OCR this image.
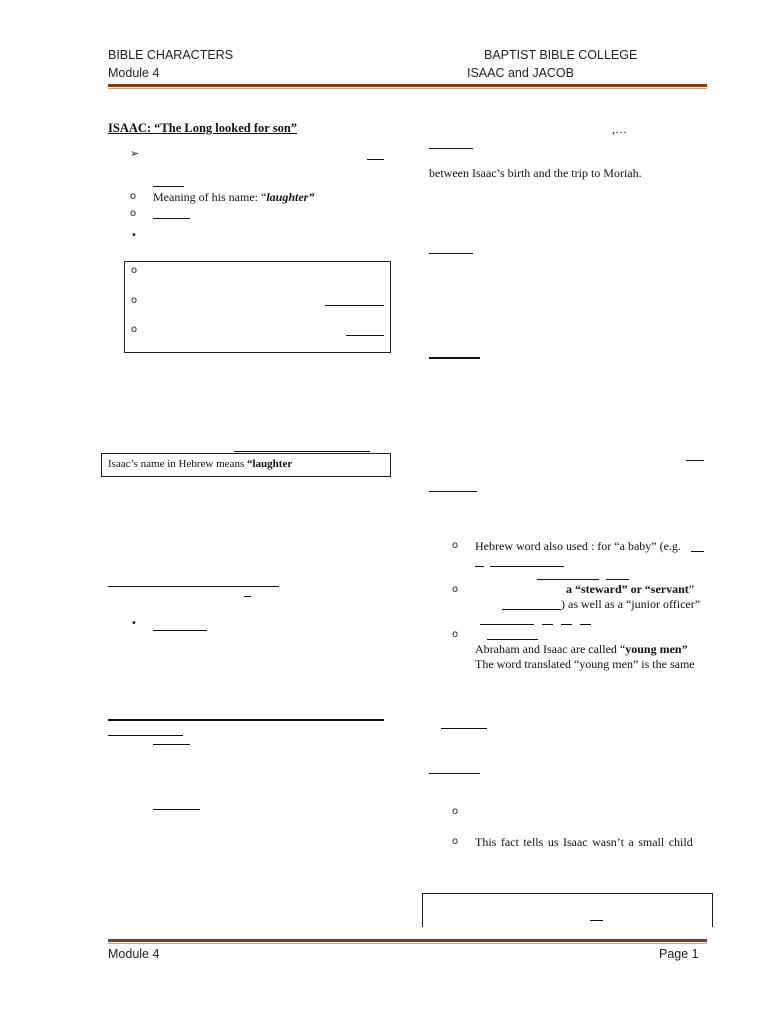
BIBLE CHARACTERS
Module 4
BAPTIST BIBLE COLLEGE
ISAAC and JACOB
ISAAC: “The Long looked for son”
➢
o Meaning of his name: “laughter”
o
•
o
o
o
Isaac’s name in Hebrew means “laughter
•
,…
between Isaac’s birth and the trip to Moriah.
o Hebrew word also used : for “a baby” (e.g.
o	a “steward” or “servant”
) as well as a “junior officer”
o
Abraham and Isaac are called “young men”
The word translated “young men” is the same
o
o This fact tells us Isaac wasn’t a small child
Module 4	Page 1
